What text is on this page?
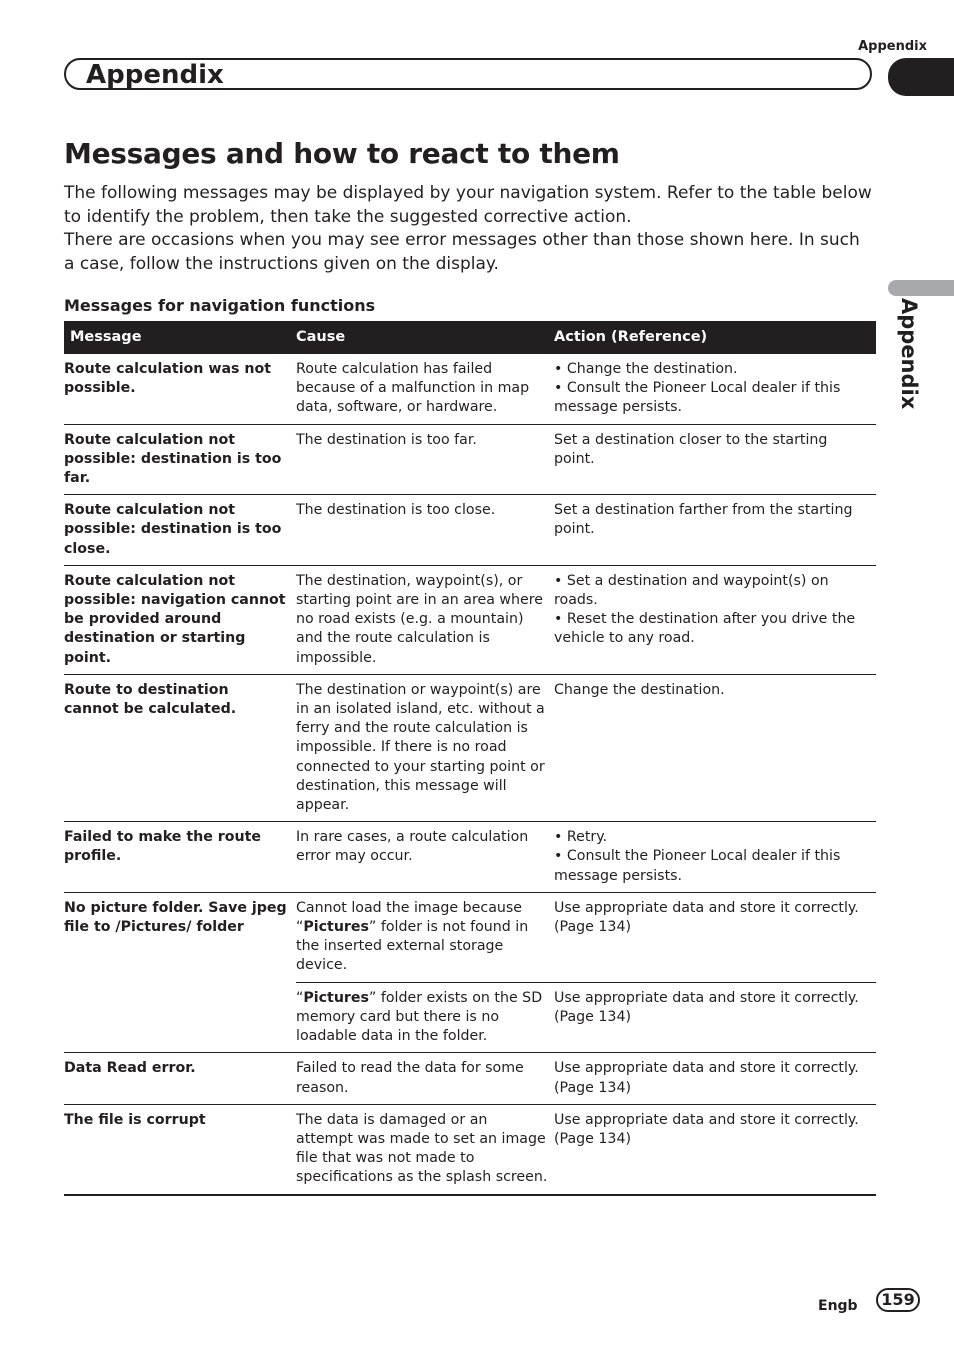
Appendix
Appendix
Appendix
Messages and how to react to them

The following messages may be displayed by your navigation system. Refer to the table below to identify the problem, then take the suggested corrective action.

There are occasions when you may see error messages other than those shown here. In such a case, follow the instructions given on the display.

Messages for navigation functions
Message	Cause	Action (Reference)
Route calculation was not possible.	Route calculation has failed because of a malfunction in map data, software, or hardware.	• Change the destination.
• Consult the Pioneer Local dealer if this message persists.

Route calculation not possible: destination is too far.	The destination is too far.	Set a destination closer to the starting point.

Route calculation not possible: destination is too close.	The destination is too close.	Set a destination farther from the starting point.

Route calculation not possible: navigation cannot be provided around destination or starting point.	The destination, waypoint(s), or starting point are in an area where no road exists (e.g. a mountain) and the route calculation is impossible.	• Set a destination and waypoint(s) on roads.
• Reset the destination after you drive the vehicle to any road.

Route to destination cannot be calculated.	The destination or waypoint(s) are in an isolated island, etc. without a ferry and the route calculation is impossible. If there is no road connected to your starting point or destination, this message will appear.	Change the destination.

Failed to make the route profile.	In rare cases, a route calculation error may occur.	• Retry.
• Consult the Pioneer Local dealer if this message persists.

No picture folder. Save jpeg file to /Pictures/ folder	Cannot load the image because “Pictures” folder is not found in the inserted external storage device.	Use appropriate data and store it correctly. (Page 134)
	“Pictures” folder exists on the SD memory card but there is no loadable data in the folder.	Use appropriate data and store it correctly. (Page 134)
Data Read error.	Failed to read the data for some reason.	Use appropriate data and store it correctly. (Page 134)

The file is corrupt	The data is damaged or an attempt was made to set an image file that was not made to specifications as the splash screen.	Use appropriate data and store it correctly. (Page 134)
Engb	159
